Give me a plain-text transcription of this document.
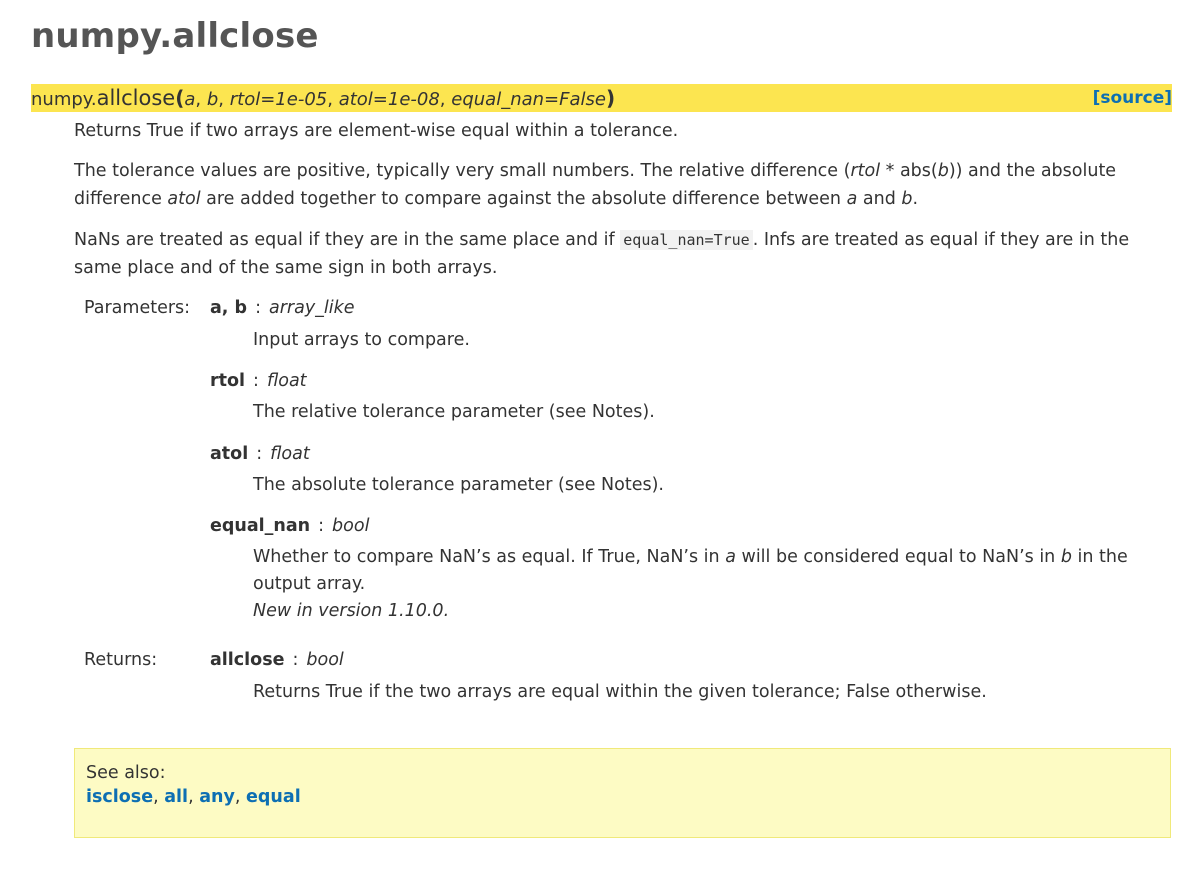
numpy.allclose
numpy.allclose(a, b, rtol=1e-05, atol=1e-08, equal_nan=False)	[source]

Returns True if two arrays are element-wise equal within a tolerance.

The tolerance values are positive, typically very small numbers. The relative difference (rtol * abs(b)) and the absolute difference atol are added together to compare against the absolute difference between a and b.

NaNs are treated as equal if they are in the same place and if equal_nan=True . Infs are treated as equal if they are in the same place and of the same sign in both arrays.

Parameters: a, b : array_like

Input arrays to compare.

rtol : float

The relative tolerance parameter (see Notes).

atol : float

The absolute tolerance parameter (see Notes).

equal_nan : bool

Whether to compare NaN’s as equal. If True, NaN’s in a will be considered equal to NaN’s in b in the output array.
New in version 1.10.0.

Returns:	allclose : bool

Returns True if the two arrays are equal within the given tolerance; False otherwise.

See also:

isclose, all, any, equal
